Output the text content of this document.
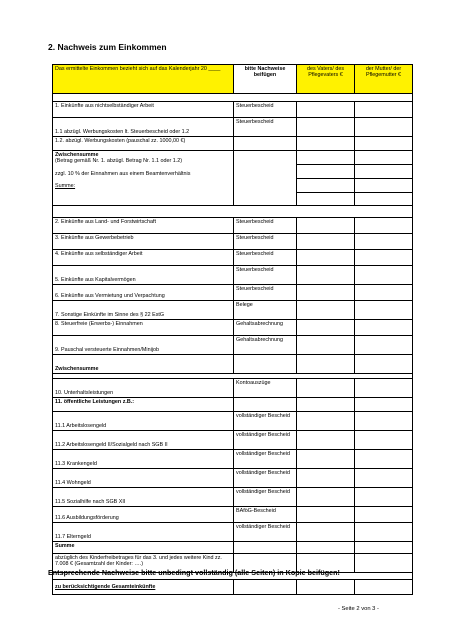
2. Nachweis zum Einkommen
Das ermittelte Einkommen bezieht sich auf das Kalenderjahr 20 ____	bitte Nachweise beifügen	des Vaters/ des Pflegevaters €	der Mutter/ der Pflegemutter €

1. Einkünfte aus nichtselbständiger Arbeit	Steuerbescheid		
1.1 abzügl. Werbungskosten lt. Steuerbescheid oder 1.2	Steuerbescheid		
1.2. abzügl. Werbungskosten (pauschal zz. 1000,00 €)			

Zwischensumme
(Betrag gemäß Nr. 1. abzügl. Betrag Nr. 1.1 oder 1.2)
zzgl. 10 % der Einnahmen aus einem Beamtenverhältnis
Summe:			

2. Einkünfte aus Land- und Forstwirtschaft	Steuerbescheid		
3. Einkünfte aus Gewerbebetrieb	Steuerbescheid		
4. Einkünfte aus selbständiger Arbeit	Steuerbescheid		
5. Einkünfte aus Kapitalvermögen	Steuerbescheid		
6. Einkünfte aus Vermietung und Verpachtung	Steuerbescheid		
7. Sonstige Einkünfte im Sinne des § 22 EstG	Belege		
8. Steuerfreie (Erwerbs-) Einnahmen	Gehaltsabrechnung		
9. Pauschal versteuerte Einnahmen/Minijob	Gehaltsabrechnung		
Zwischensumme			

10. Unterhaltsleistungen	Kontoauszüge		
11. öffentliche Leistungen z.B.:			
11.1 Arbeitslosengeld	vollständiger Bescheid		
11.2 Arbeitslosengeld II/Sozialgeld nach SGB II	vollständiger Bescheid		
11.3 Krankengeld	vollständiger Bescheid		
11.4 Wohngeld	vollständiger Bescheid		
11.5 Sozialhilfe nach SGB XII	vollständiger Bescheid		
11.6 Ausbildungsförderung	BAföG-Bescheid		
11.7 Elterngeld	vollständiger Bescheid		
Summe			
abzüglich des Kinderfreibetrages für das 3. und jedes weitere Kind zz. 7.008 € (Gesamtzahl der Kinder: ….)			

zu berücksichtigende Gesamteinkünfte			
Entsprechende Nachweise bitte unbedingt vollständig (alle Seiten) in Kopie beifügen!
- Seite 2 von 3 -
